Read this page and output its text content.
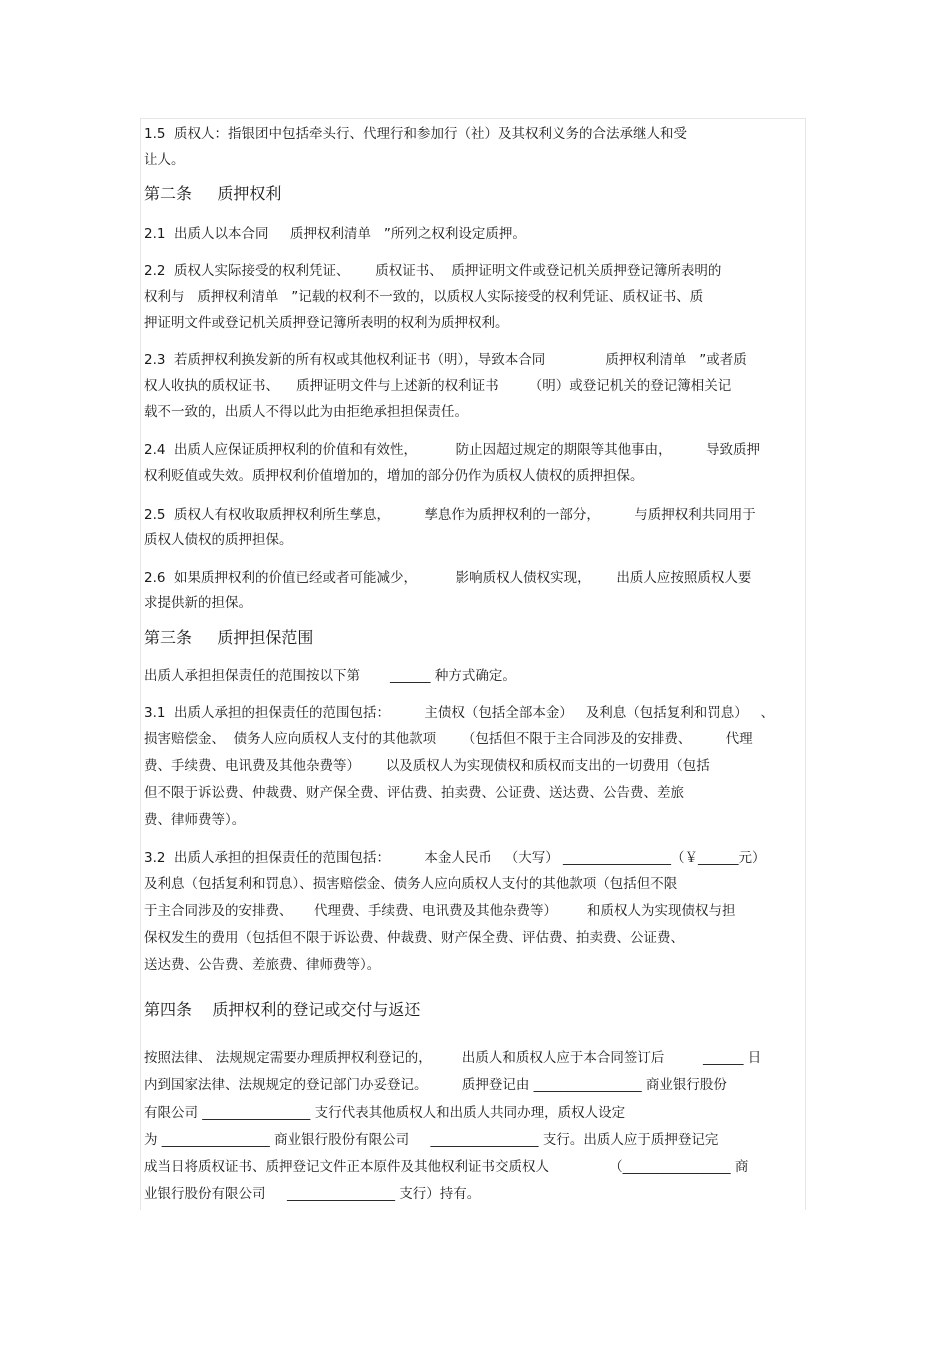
1.5  质权人：指银团中包括牵头行、代理行和参加行（社）及其权利义务的合法承继人和受
让人。
第二条     质押权利
2.1  出质人以本合同     质押权利清单   ”所列之权利设定质押。
2.2  质权人实际接受的权利凭证、      质权证书、  质押证明文件或登记机关质押登记簿所表明的
权利与   质押权利清单   ”记载的权利不一致的，以质权人实际接受的权利凭证、质权证书、质
押证明文件或登记机关质押登记簿所表明的权利为质押权利。
2.3  若质押权利换发新的所有权或其他权利证书（明），导致本合同              质押权利清单   ”或者质
权人收执的质权证书、    质押证明文件与上述新的权利证书       （明）或登记机关的登记簿相关记
载不一致的，出质人不得以此为由拒绝承担担保责任。
2.4  出质人应保证质押权利的价值和有效性，         防止因超过规定的期限等其他事由，        导致质押
权利贬值或失效。质押权利价值增加的，增加的部分仍作为质权人债权的质押担保。
2.5  质权人有权收取质押权利所生孳息，        孳息作为质押权利的一部分，        与质押权利共同用于
质权人债权的质押担保。
2.6  如果质押权利的价值已经或者可能减少，         影响质权人债权实现，      出质人应按照质权人要
求提供新的担保。
第三条     质押担保范围
出质人承担担保责任的范围按以下第       ______ 种方式确定。
3.1  出质人承担的担保责任的范围包括：        主债权（包括全部本金）   及利息（包括复利和罚息）   、
损害赔偿金、  债务人应向质权人支付的其他款项      （包括但不限于主合同涉及的安排费、        代理
费、手续费、电讯费及其他杂费等）      以及质权人为实现债权和质权而支出的一切费用（包括
但不限于诉讼费、仲裁费、财产保全费、评估费、拍卖费、公证费、送达费、公告费、差旅
费、律师费等）。
3.2  出质人承担的担保责任的范围包括：        本金人民币   （大写） ________________（￥______元）
及利息（包括复利和罚息）、损害赔偿金、债务人应向质权人支付的其他款项（包括但不限
于主合同涉及的安排费、     代理费、手续费、电讯费及其他杂费等）       和质权人为实现债权与担
保权发生的费用（包括但不限于诉讼费、仲裁费、财产保全费、评估费、拍卖费、公证费、
送达费、公告费、差旅费、律师费等）。
第四条    质押权利的登记或交付与返还
按照法律、 法规规定需要办理质押权利登记的，       出质人和质权人应于本合同签订后         ______ 日
内到国家法律、法规规定的登记部门办妥登记。        质押登记由 ________________ 商业银行股份
有限公司 ________________ 支行代表其他质权人和出质人共同办理，质权人设定
为 ________________ 商业银行股份有限公司     ________________ 支行。出质人应于质押登记完
成当日将质权证书、质押登记文件正本原件及其他权利证书交质权人              （________________ 商
业银行股份有限公司     ________________ 支行）持有。
